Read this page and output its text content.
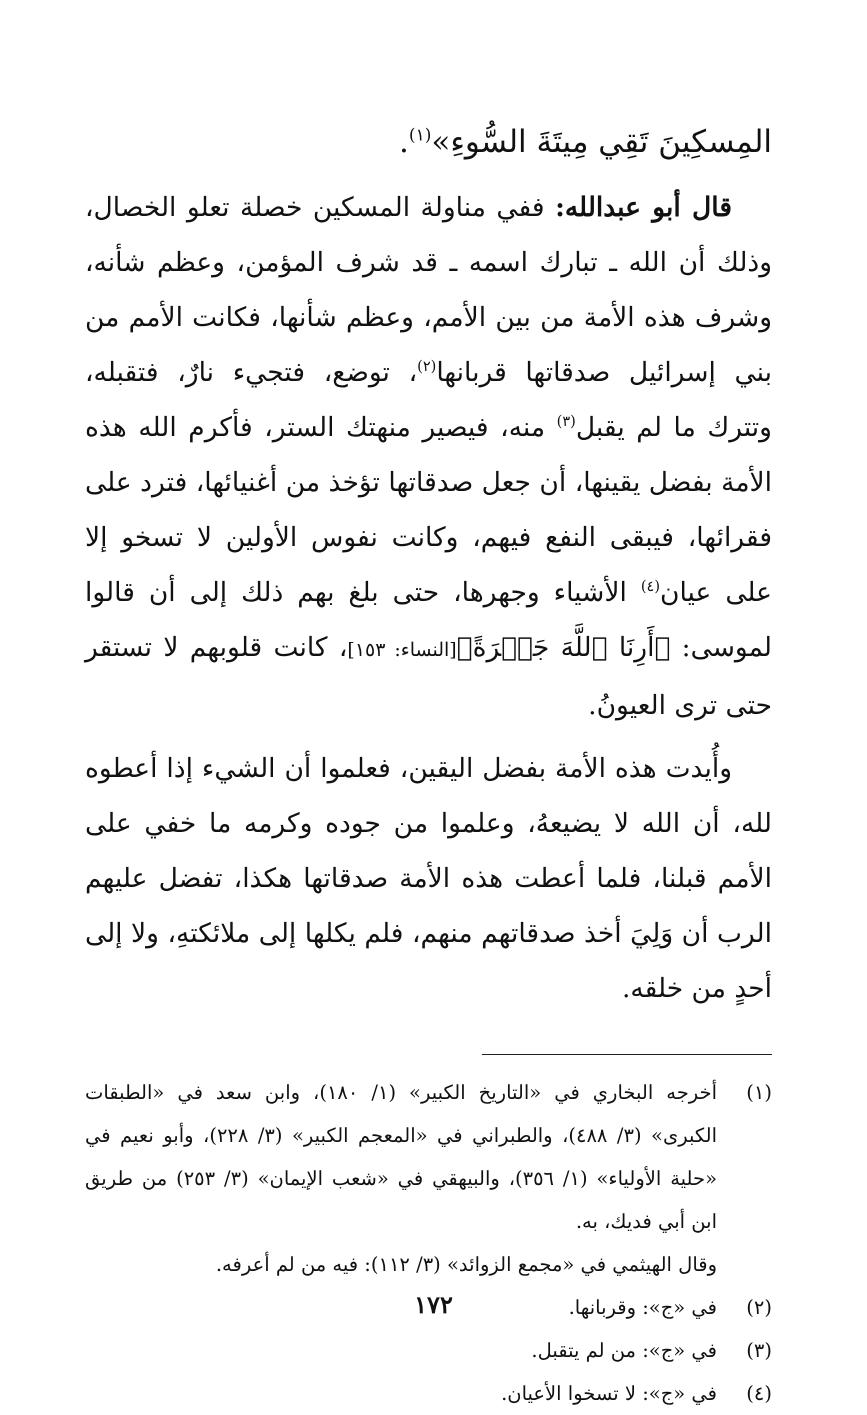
المِسكِينَ تَقِي مِيتَةَ السُّوءِ»$^{(١)}$.

قال أبو عبدالله: ففي مناولة المسكين خصلة تعلو الخصال، وذلك أن الله ـ تبارك اسمه ـ قد شرف المؤمن، وعظم شأنه، وشرف هذه الأمة من بين الأمم، وعظم شأنها، فكانت الأمم من بني إسرائيل صدقاتها قربانها$^{(٢)}$، توضع، فتجيء نارٌ، فتقبله، وتترك ما لم يقبل$^{(٣)}$ منه، فيصير منهتك الستر، فأكرم الله هذه الأمة بفضل يقينها، أن جعل صدقاتها تؤخذ من أغنيائها، فترد على فقرائها، فيبقى النفع فيهم، وكانت نفوس الأولين لا تسخو إلا على عيان$^{(٤)}$ الأشياء وجهرها، حتى بلغ بهم ذلك إلى أن قالوا لموسى: ﴿أَرِنَا ٱللَّهَ جَهۡرَةً﴾[النساء: ١٥٣]، كانت قلوبهم لا تستقر حتى ترى العيونُ.

وأُيدت هذه الأمة بفضل اليقين، فعلموا أن الشيء إذا أعطوه لله، أن الله لا يضيعهُ، وعلموا من جوده وكرمه ما خفي على الأمم قبلنا، فلما أعطت هذه الأمة صدقاتها هكذا، تفضل عليهم الرب أن وَلِيَ أخذ صدقاتهم منهم، فلم يكلها إلى ملائكتهِ، ولا إلى أحدٍ من خلقه.

(١)
أخرجه البخاري في «التاريخ الكبير» (١/ ١٨٠)، وابن سعد في «الطبقات الكبرى» (٣/ ٤٨٨)، والطبراني في «المعجم الكبير» (٣/ ٢٢٨)، وأبو نعيم في «حلية الأولياء» (١/ ٣٥٦)، والبيهقي في «شعب الإيمان» (٣/ ٢٥٣) من طريق ابن أبي فديك، به.
وقال الهيثمي في «مجمع الزوائد» (٣/ ١١٢): فيه من لم أعرفه.
(٢)
في «ج»: وقربانها.
(٣)
في «ج»: من لم يتقبل.
(٤)
في «ج»: لا تسخوا الأعيان.
١٧٢
